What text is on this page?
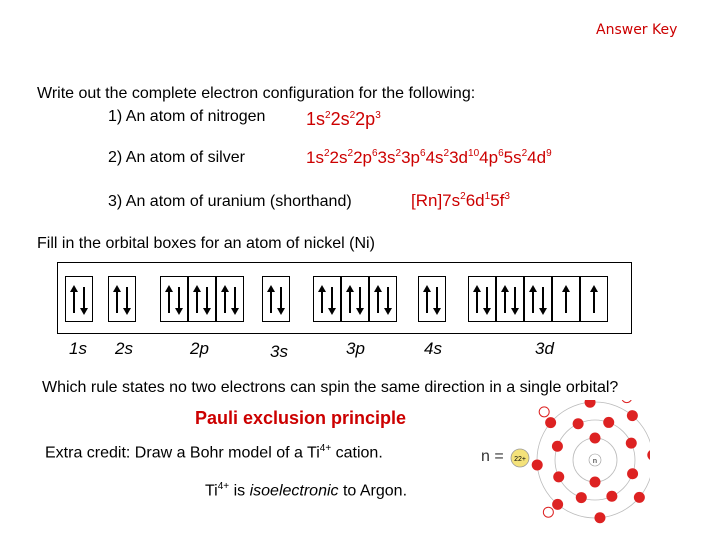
Answer Key
Write out the complete electron configuration for the following:
1) An atom of nitrogen $1s^22s^22p^3$
2) An atom of silver	$1s^22s^22p^63s^23p^64s^23d^{10}4p^65s^24d^9$
3) An atom of uranium (shorthand)	$[Rn]7s^26d^15f^3$
Fill in the orbital boxes for an atom of nickel (Ni)
1s 2s	2p	3s	3p	4s	3d
Which rule states no two electrons can spin the same direction in a single orbital?
Pauli exclusion principle
Extra credit: Draw a Bohr model of a $Ti^{4+}$ cation.
$Ti^{4+}$ is isoelectronic to Argon.
n =	n
22+
